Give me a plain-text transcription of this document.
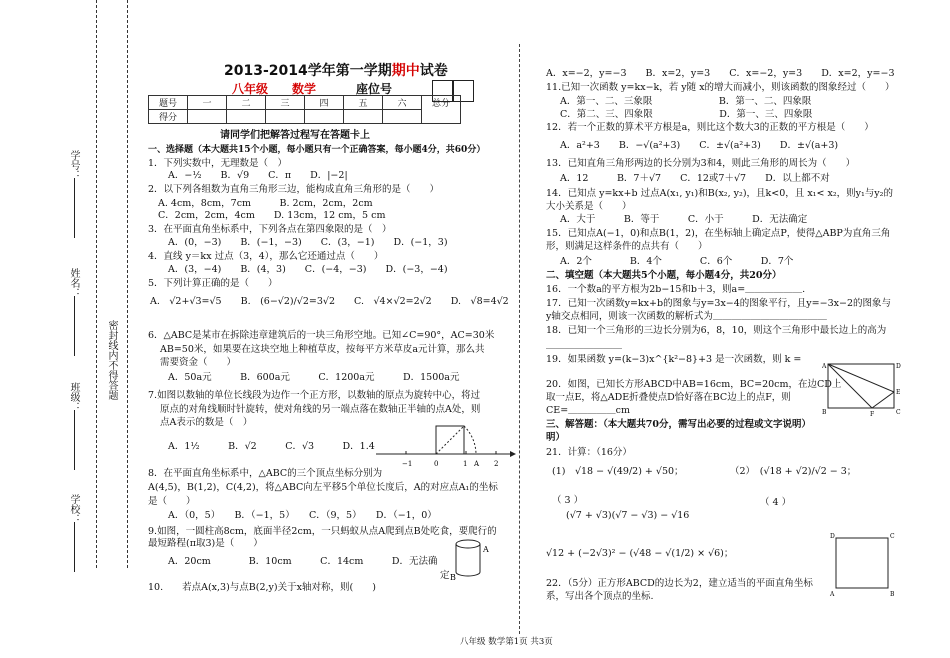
密封线内不得答题
学号：
姓名：
班级：
学校：
2013-2014学年第一学期期中试卷
八年级 数学	座位号
题号	一	二	三	四	五	六	总分
得分							
请同学们把解答过程写在答题卡上
一、选择题（本大题共15个小题，每小题只有一个正确答案，每小题4分，共60分）
1．下列实数中，无理数是（　）
A．−½　　B．√9　　C．π　　D．|−2|
2．以下列各组数为直角三角形三边，能构成直角三角形的是（　　）
A. 4cm，8cm，7cm　　　B. 2cm，2cm，2cm
C．2cm，2cm，4cm　　D. 13cm，12 cm，5 cm
3．在平面直角坐标系中，下列各点在第四象限的是（　）
A．(0，−3)　　B．(−1，−3)　　C．(3，−1)　　D．(−1，3)
4．直线 y＝kx 过点（3，4），那么它还通过点（　　）
A．(3，−4)　　B．(4，3)　　C．(−4，−3)　　D．(−3，−4)
5．下列计算正确的是（　　）
A.　√2+√3=√5　　B.　(6−√2)/√2=3√2　　C.　√4×√2=2√2　　D.　√8=4√2
6．△ABC是某市在拆除违章建筑后的一块三角形空地。已知∠C=90°，AC=30米
AB=50米，如果要在这块空地上种植草皮，按每平方米草皮a元计算，那么共
需要资金（　　）
A．50a元　　　B．600a元　　　C．1200a元　　　D．1500a元
7.如图以数轴的单位长线段为边作一个正方形，以数轴的原点为旋转中心，将过
原点的对角线顺时针旋转，使对角线的另一端点落在数轴正半轴的点A处，则
点A表示的数是（　）
A．1½　　　B．√2　　　C．√3　　　D．1.4
8．在平面直角坐标系中，△ABC的三个顶点坐标分别为
A(4,5)，B(1,2)，C(4,2)，将△ABC向左平移5个单位长度后，A的对应点A₁的坐标
是（　　）
A．（0，5）　　B．（−1，5）　　C．（9，5）　　D．（−1，0）
9.如图，一圆柱高8cm，底面半径2cm，一只蚂蚁从点A爬到点B处吃食，要爬行的
最短路程(π取3)是（　　）
A．20cm　　　　B．10cm　　　C．14cm　　　D．无法确
定
10.　　若点A(x,3)与点B(2,y)关于x轴对称，则(　　)
−1	0	1 A 2
A
B
A．x=−2，y=−3　　B．x=2，y=3　　C．x=−2，y=3　　D．x=2，y=−3
11.已知一次函数 y=kx−k，若 y随 x的增大而减小，则该函数的图象经过（　　）
A．第一、二、三象限　　　　　　　B．第一、二、四象限
C．第二、三、四象限　　　　　　　D．第一、三、四象限
12．若一个正数的算术平方根是a，则比这个数大3的正数的平方根是（　　）
A．a²+3　　B．−√(a²+3)　　C．±√(a²+3)　　D．±√(a+3)
13．已知直角三角形两边的长分别为3和4，则此三角形的周长为（　　）
A．12　　　B．7＋√7　　C．12或7＋√7　　D．以上都不对
14．已知点 y=kx+b 过点A(x₁, y₁)和B(x₂, y₂)，且k<0，且 x₁< x₂，则y₁与y₂的
大小关系是（　　）
A．大于　　　B．等于　　　C．小于　　　D．无法确定
15．已知点A(−1，0)和点B(1，2)，在坐标轴上确定点P，使得△ABP为直角三角
形，则满足这样条件的点共有（　　）
A．2个　　　　B．4个　　　　C．6个　　　D．7个
二、填空题（本大题共5个小题，每小题4分，共20分）
16．一个数a的平方根为2b−15和b＋3，则a=＿＿＿＿＿＿.
17．已知一次函数y=kx+b的图象与y=3x−4的图象平行，且y=−3x−2的图象与
y轴交点相同，则该一次函数的解析式为＿＿＿＿＿＿＿＿＿＿＿＿
18．已知一个三角形的三边长分别为6，8，10，则这个三角形中最长边上的高为
＿＿＿＿＿＿＿＿
19．如果函数 y=(k−3)x^{k²−8}+3 是一次函数，则 k =
20．如图，已知长方形ABCD中AB=16cm，BC=20cm，在边CD上
取一点E，将△ADE折叠使点D恰好落在BC边上的点F，则
CE=＿＿＿＿＿cm
三、解答题：（本大题共70分，需写出必要的过程或文字说明）
明）
21．计算：（16分）
(1)　√18 − √(49/2) + √50；	（2）　(√18 + √2)/√2 − 3；
（ 3 ）	（ 4 ）
(√7 + √3)(√7 − √3) − √16
√12 + (−2√3)² − (√48 − √(1/2) × √6)；
22．（5分）正方形ABCD的边长为2，建立适当的平面直角坐标
系，写出各个顶点的坐标.
A	D
E
B	F	C
D	C
A	B
八年级 数学第1页 共3页
